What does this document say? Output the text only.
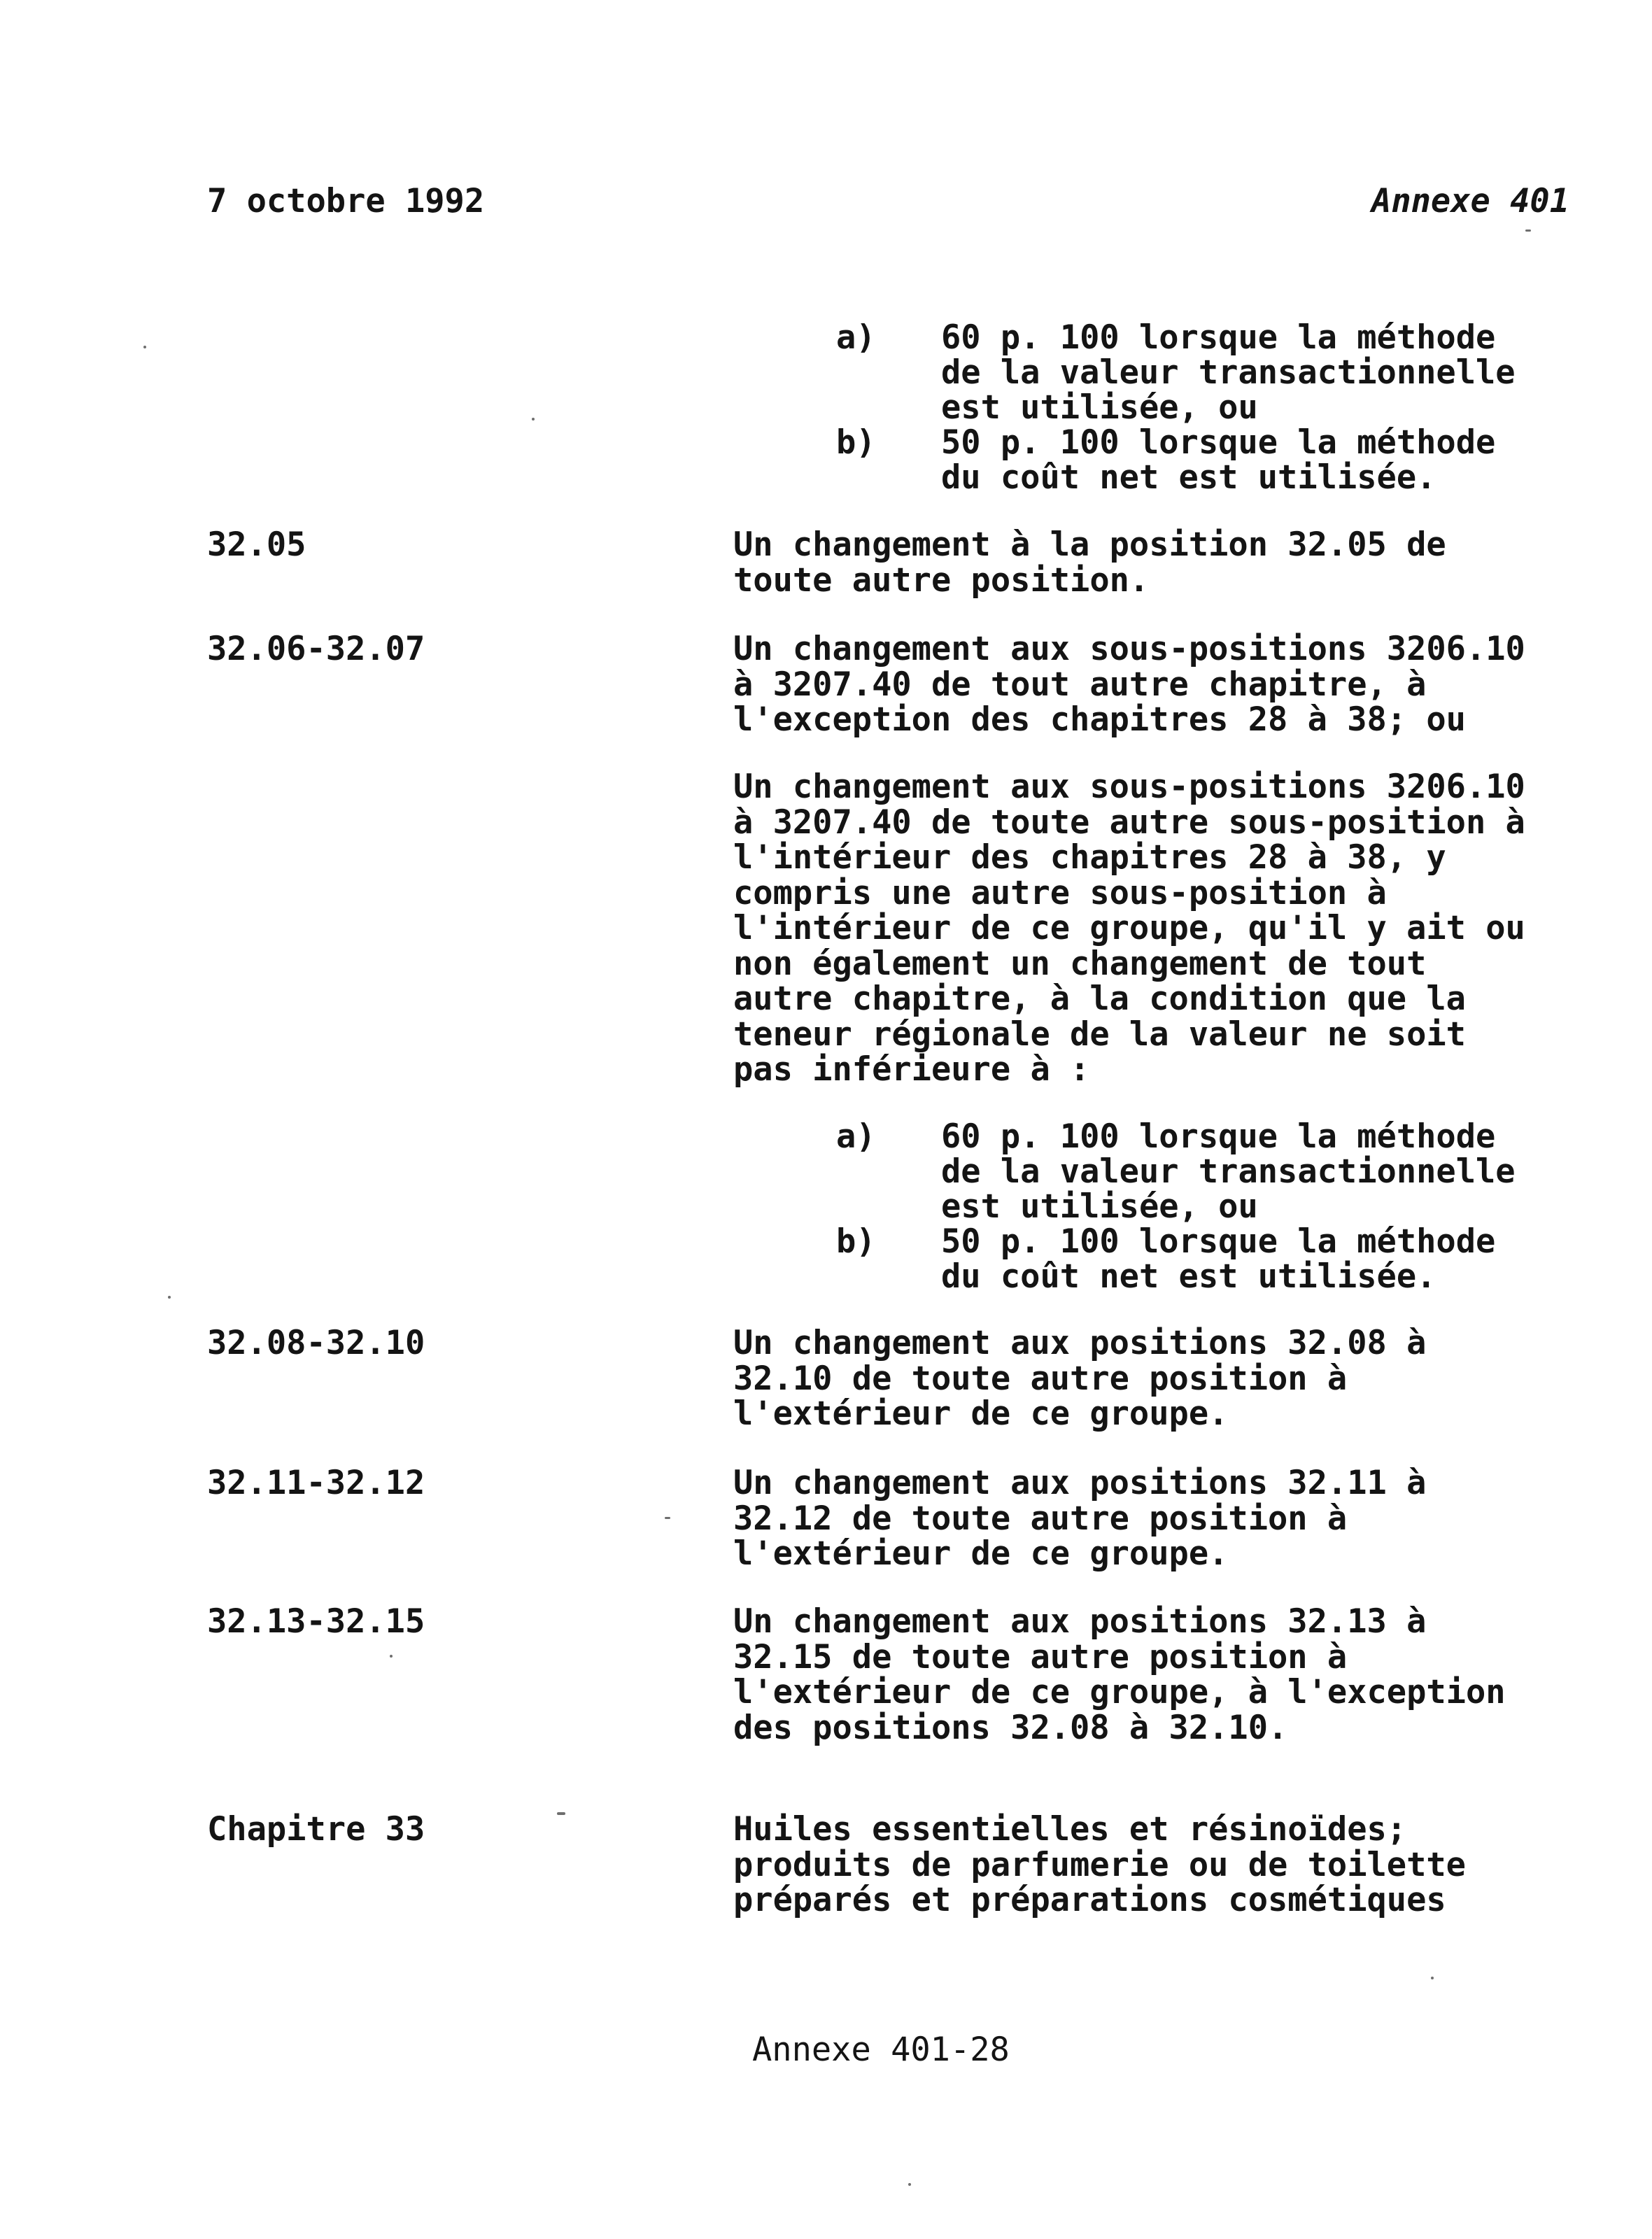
7 octobre 1992	Annexe 401
a) 60 p. 100 lorsque la méthode
de la valeur transactionnelle
est utilisée, ou
b) 50 p. 100 lorsque la méthode
du coût net est utilisée.
32.05	Un changement à la position 32.05 de
toute autre position.
32.06-32.07	Un changement aux sous-positions 3206.10
à 3207.40 de tout autre chapitre, à
l'exception des chapitres 28 à 38; ou
Un changement aux sous-positions 3206.10
à 3207.40 de toute autre sous-position à
l'intérieur des chapitres 28 à 38, y
compris une autre sous-position à
l'intérieur de ce groupe, qu'il y ait ou
non également un changement de tout
autre chapitre, à la condition que la
teneur régionale de la valeur ne soit
pas inférieure à :
a) 60 p. 100 lorsque la méthode
de la valeur transactionnelle
est utilisée, ou
b) 50 p. 100 lorsque la méthode
du coût net est utilisée.
32.08-32.10	Un changement aux positions 32.08 à
32.10 de toute autre position à
l'extérieur de ce groupe.
32.11-32.12	Un changement aux positions 32.11 à
32.12 de toute autre position à
l'extérieur de ce groupe.
32.13-32.15	Un changement aux positions 32.13 à
32.15 de toute autre position à
l'extérieur de ce groupe, à l'exception
des positions 32.08 à 32.10.
Chapitre 33	Huiles essentielles et résinoïdes;
produits de parfumerie ou de toilette
préparés et préparations cosmétiques
Annexe 401-28
